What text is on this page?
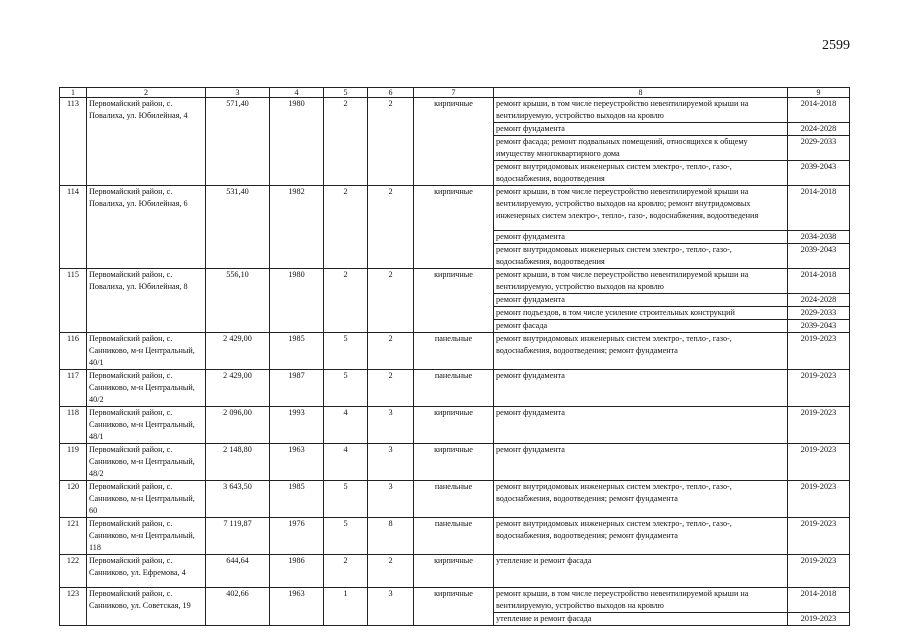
2599
1	2	3	4	5	6	7	8	9
113	Первомайский район, с. Повалиха, ул. Юбилейная, 4	571,40	1980	2	2	кирпичные	ремонт крыши, в том числе переустройство невентилируемой крыши на вентилируемую, устройство выходов на кровлю	2014-2018
							ремонт фундамента	2024-2028
							ремонт фасада; ремонт подвальных помещений, относящихся к общему имуществу многоквартирного дома	2029-2033
							ремонт внутридомовых инженерных систем электро-, тепло-, газо-, водоснабжения, водоотведения	2039-2043
114	Первомайский район, с. Повалиха, ул. Юбилейная, 6	531,40	1982	2	2	кирпичные	ремонт крыши, в том числе переустройство невентилируемой крыши на вентилируемую, устройство выходов на кровлю; ремонт внутридомовых инженерных систем электро-, тепло-, газо-, водоснабжения, водоотведения	2014-2018
							ремонт фундамента	2034-2038
							ремонт внутридомовых инженерных систем электро-, тепло-, газо-, водоснабжения, водоотведения	2039-2043
115	Первомайский район, с. Повалиха, ул. Юбилейная, 8	556,10	1980	2	2	кирпичные	ремонт крыши, в том числе переустройство невентилируемой крыши на вентилируемую, устройство выходов на кровлю	2014-2018
							ремонт фундамента	2024-2028
							ремонт подъездов, в том числе усиление строительных конструкций	2029-2033
							ремонт фасада	2039-2043
116	Первомайский район, с. Санниково, м-н Центральный, 40/1	2 429,00	1985	5	2	панельные	ремонт внутридомовых инженерных систем электро-, тепло-, газо-, водоснабжения, водоотведения; ремонт фундамента	2019-2023
117	Первомайский район, с. Санниково, м-н Центральный, 40/2	2 429,00	1987	5	2	панельные	ремонт фундамента	2019-2023
118	Первомайский район, с. Санниково, м-н Центральный, 48/1	2 096,00	1993	4	3	кирпичные	ремонт фундамента	2019-2023
119	Первомайский район, с. Санниково, м-н Центральный, 48/2	2 148,80	1963	4	3	кирпичные	ремонт фундамента	2019-2023
120	Первомайский район, с. Санниково, м-н Центральный, 60	3 643,50	1985	5	3	панельные	ремонт внутридомовых инженерных систем электро-, тепло-, газо-, водоснабжения, водоотведения; ремонт фундамента	2019-2023
121	Первомайский район, с. Санниково, м-н Центральный, 118	7 119,87	1976	5	8	панельные	ремонт внутридомовых инженерных систем электро-, тепло-, газо-, водоснабжения, водоотведения; ремонт фундамента	2019-2023
122	Первомайский район, с. Санниково, ул. Ефремова, 4	644,64	1986	2	2	кирпичные	утепление и ремонт фасада	2019-2023
123	Первомайский район, с. Санниково, ул. Советская, 19	402,66	1963	1	3	кирпичные	ремонт крыши, в том числе переустройство невентилируемой крыши на вентилируемую, устройство выходов на кровлю	2014-2018
							утепление и ремонт фасада	2019-2023
